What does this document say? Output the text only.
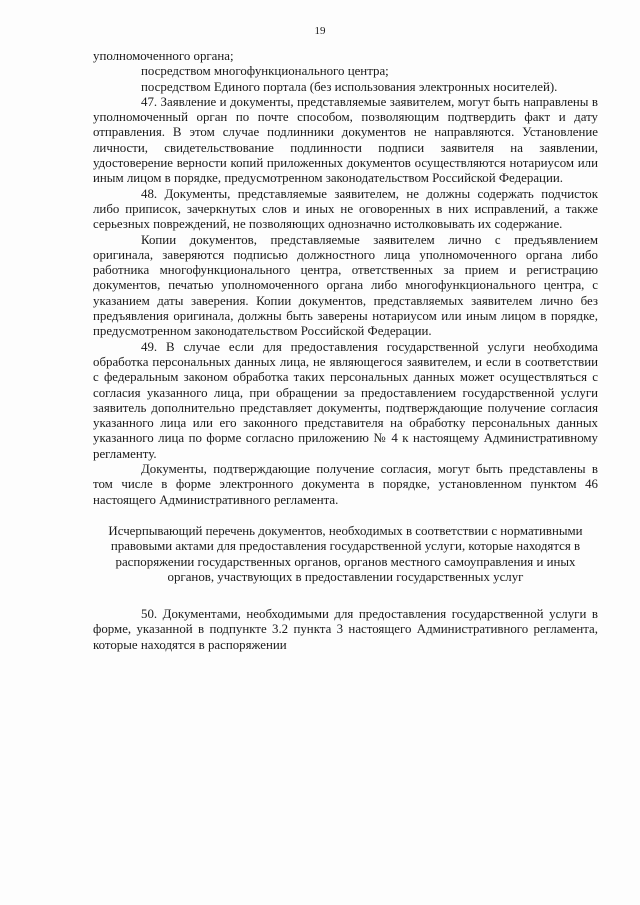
19

уполномоченного органа;

посредством многофункционального центра;

посредством Единого портала (без использования электронных носителей).

47. Заявление и документы, представляемые заявителем, могут быть направлены в уполномоченный орган по почте способом, позволяющим подтвердить факт и дату отправления. В этом случае подлинники документов не направляются. Установление личности, свидетельствование подлинности подписи заявителя на заявлении, удостоверение верности копий приложенных документов осуществляются нотариусом или иным лицом в порядке, предусмотренном законодательством Российской Федерации.

48. Документы, представляемые заявителем, не должны содержать подчисток либо приписок, зачеркнутых слов и иных не оговоренных в них исправлений, а также серьезных повреждений, не позволяющих однозначно истолковывать их содержание.

Копии документов, представляемые заявителем лично с предъявлением оригинала, заверяются подписью должностного лица уполномоченного органа либо работника многофункционального центра, ответственных за прием и регистрацию документов, печатью уполномоченного органа либо многофункционального центра, с указанием даты заверения. Копии документов, представляемых заявителем лично без предъявления оригинала, должны быть заверены нотариусом или иным лицом в порядке, предусмотренном законодательством Российской Федерации.

49. В случае если для предоставления государственной услуги необходима обработка персональных данных лица, не являющегося заявителем, и если в соответствии с федеральным законом обработка таких персональных данных может осуществляться с согласия указанного лица, при обращении за предоставлением государственной услуги заявитель дополнительно представляет документы, подтверждающие получение согласия указанного лица или его законного представителя на обработку персональных данных указанного лица по форме согласно приложению № 4 к настоящему Административному регламенту.

Документы, подтверждающие получение согласия, могут быть представлены в том числе в форме электронного документа в порядке, установленном пунктом 46 настоящего Административного регламента.

Исчерпывающий перечень документов, необходимых в соответствии с нормативными правовыми актами для предоставления государственной услуги, которые находятся в распоряжении государственных органов, органов местного самоуправления и иных органов, участвующих в предоставлении государственных услуг

50. Документами, необходимыми для предоставления государственной услуги в форме, указанной в подпункте 3.2 пункта 3 настоящего Административного регламента, которые находятся в распоряжении
